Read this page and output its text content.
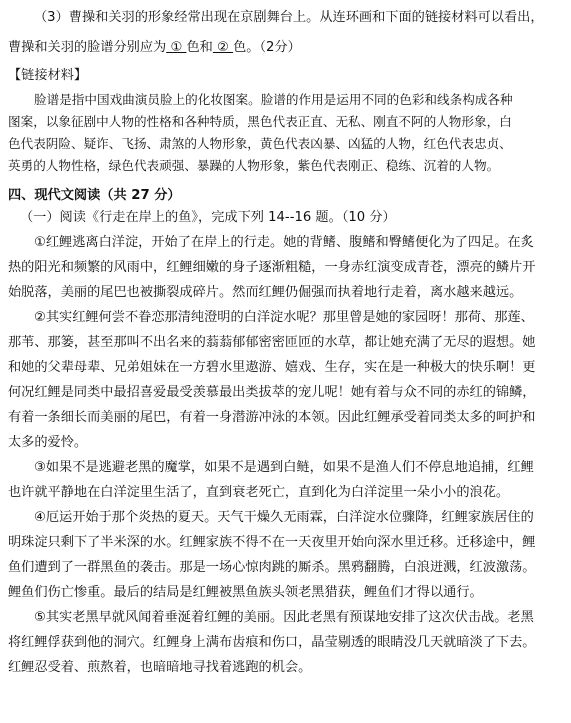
（3）曹操和关羽的形象经常出现在京剧舞台上。从连环画和下面的链接材料可以看出，
曹操和关羽的脸谱分别应为 ① 色和 ② 色。（2分）
【链接材料】
脸谱是指中国戏曲演员脸上的化妆图案。脸谱的作用是运用不同的色彩和线条构成各种
图案，以象征剧中人物的性格和各种特质，黑色代表正直、无私、刚直不阿的人物形象，白
色代表阴险、疑诈、飞扬、肃煞的人物形象，黄色代表凶暴、凶猛的人物，红色代表忠贞、
英勇的人物性格，绿色代表顽强、暴躁的人物形象，紫色代表刚正、稳练、沉着的人物。
四、现代文阅读（共 27 分）
（一）阅读《行走在岸上的鱼》，完成下列 14--16 题。（10 分）
①红鲤逃离白洋淀，开始了在岸上的行走。她的背鳍、腹鳍和臀鳍便化为了四足。在炙
热的阳光和频繁的风雨中，红鲤细嫩的身子逐渐粗糙，一身赤红演变成青苍，漂亮的鳞片开
始脱落，美丽的尾巴也被撕裂成碎片。然而红鲤仍倔强而执着地行走着，离水越来越远。
②其实红鲤何尝不眷恋那清纯澄明的白洋淀水呢？那里曾是她的家园呀！那荷、那莲、
那苇、那篓，甚至那叫不出名来的蓊蓊郁郁密密匝匝的水草，都让她充满了无尽的遐想。她
和她的父辈母辈、兄弟姐妹在一方碧水里遨游、嬉戏、生存，实在是一种极大的快乐啊！更
何况红鲤是同类中最招喜爱最受羡慕最出类拔萃的宠儿呢！她有着与众不同的赤红的锦鳞，
有着一条细长而美丽的尾巴，有着一身潜游冲泳的本领。因此红鲤承受着同类太多的呵护和
太多的爱怜。
③如果不是逃避老黑的魔掌，如果不是遇到白鲢，如果不是渔人们不停息地追捕，红鲤
也许就平静地在白洋淀里生活了，直到衰老死亡，直到化为白洋淀里一朵小小的浪花。
④厄运开始于那个炎热的夏天。天气干燥久无雨霖，白洋淀水位骤降，红鲤家族居住的
明珠淀只剩下了半米深的水。红鲤家族不得不在一天夜里开始向深水里迁移。迁移途中，鲤
鱼们遭到了一群黑鱼的袭击。那是一场心惊肉跳的厮杀。黑鸦翻腾，白浪迸溅，红波激荡。
鲤鱼们伤亡惨重。最后的结局是红鲤被黑鱼族头领老黑猎获，鲤鱼们才得以通行。
⑤其实老黑早就风闻着垂涎着红鲤的美丽。因此老黑有预谋地安排了这次伏击战。老黑
将红鲤俘获到他的洞穴。红鲤身上满布齿痕和伤口，晶莹剔透的眼睛没几天就暗淡了下去。
红鲤忍受着、煎熬着，也暗暗地寻找着逃跑的机会。
